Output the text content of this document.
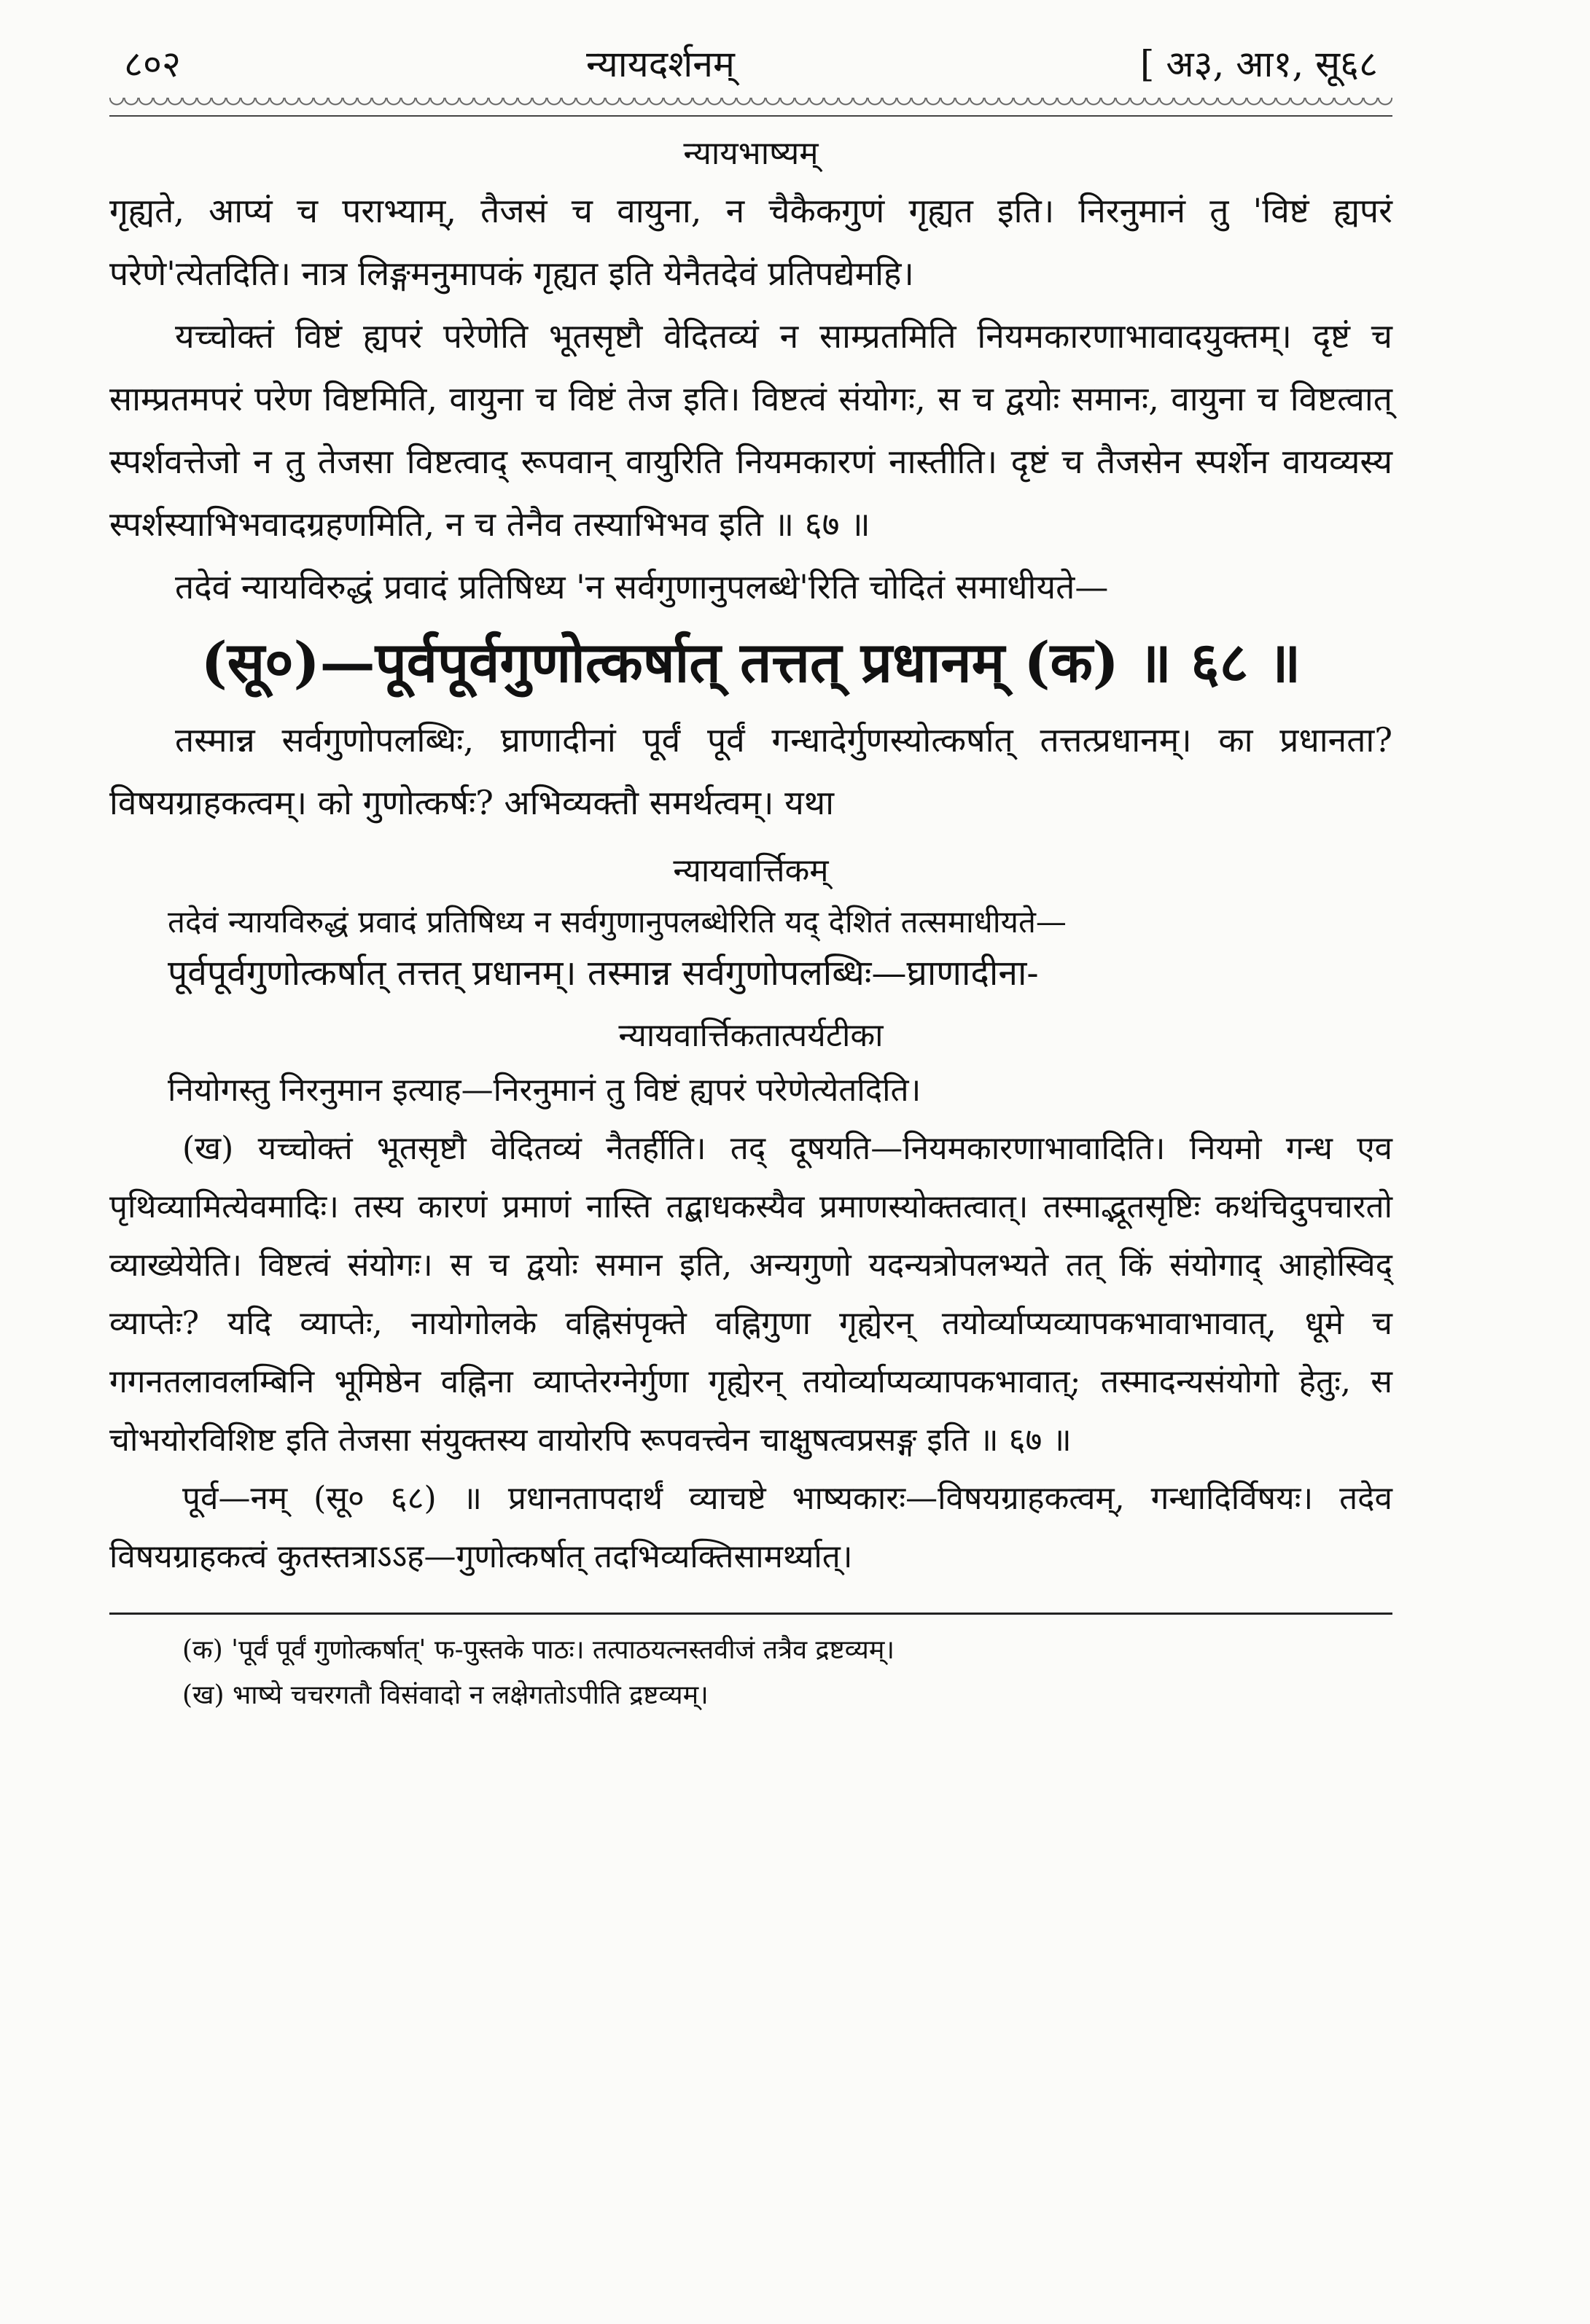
८०२	न्यायदर्शनम्	[ अ३, आ१, सू६८
न्यायभाष्यम्

गृह्यते, आप्यं च पराभ्याम्, तैजसं च वायुना, न चैकैकगुणं गृह्यत इति। निरनुमानं तु 'विष्टं ह्यपरं परेणे'त्येतदिति। नात्र लिङ्गमनुमापकं गृह्यत इति येनैतदेवं प्रतिपद्येमहि।

यच्चोक्तं विष्टं ह्यपरं परेणेति भूतसृष्टौ वेदितव्यं न साम्प्रतमिति नियमकारणाभावादयुक्तम्। दृष्टं च साम्प्रतमपरं परेण विष्टमिति, वायुना च विष्टं तेज इति। विष्टत्वं संयोगः, स च द्वयोः समानः, वायुना च विष्टत्वात् स्पर्शवत्तेजो न तु तेजसा विष्टत्वाद् रूपवान् वायुरिति नियमकारणं नास्तीति। दृष्टं च तैजसेन स्पर्शेन वायव्यस्य स्पर्शस्याभिभवादग्रहणमिति, न च तेनैव तस्याभिभव इति ॥ ६७ ॥

तदेवं न्यायविरुद्धं प्रवादं प्रतिषिध्य 'न सर्वगुणानुपलब्धे'रिति चोदितं समाधीयते—

(सू०)—पूर्वपूर्वगुणोत्कर्षात् तत्तत् प्रधानम् (क) ॥ ६८ ॥

तस्मान्न सर्वगुणोपलब्धिः, घ्राणादीनां पूर्वं पूर्वं गन्धादेर्गुणस्योत्कर्षात् तत्तत्प्रधानम्। का प्रधानता? विषयग्राहकत्वम्। को गुणोत्कर्षः? अभिव्यक्तौ समर्थत्वम्। यथा

न्यायवार्त्तिकम्

तदेवं न्यायविरुद्धं प्रवादं प्रतिषिध्य न सर्वगुणानुपलब्धेरिति यद् देशितं तत्समाधीयते—

पूर्वपूर्वगुणोत्कर्षात् तत्तत् प्रधानम्। तस्मान्न सर्वगुणोपलब्धिः—घ्राणादीना-

न्यायवार्त्तिकतात्पर्यटीका

नियोगस्तु निरनुमान इत्याह—निरनुमानं तु विष्टं ह्यपरं परेणेत्येतदिति।

(ख) यच्चोक्तं भूतसृष्टौ वेदितव्यं नैतर्हीति। तद् दूषयति—नियमकारणाभावादिति। नियमो गन्ध एव पृथिव्यामित्येवमादिः। तस्य कारणं प्रमाणं नास्ति तद्बाधकस्यैव प्रमाणस्योक्तत्वात्। तस्माद्भूतसृष्टिः कथंचिदुपचारतो व्याख्येयेति। विष्टत्वं संयोगः। स च द्वयोः समान इति, अन्यगुणो यदन्यत्रोपलभ्यते तत् किं संयोगाद् आहोस्विद् व्याप्तेः? यदि व्याप्तेः, नायोगोलके वह्निसंपृक्ते वह्निगुणा गृह्येरन् तयोर्व्याप्यव्यापकभावाभावात्, धूमे च गगनतलावलम्बिनि भूमिष्ठेन वह्निना व्याप्तेरग्नेर्गुणा गृह्येरन् तयोर्व्याप्यव्यापकभावात्; तस्मादन्यसंयोगो हेतुः, स चोभयोरविशिष्ट इति तेजसा संयुक्तस्य वायोरपि रूपवत्त्वेन चाक्षुषत्वप्रसङ्ग इति ॥ ६७ ॥

पूर्व—नम् (सू० ६८) ॥ प्रधानतापदार्थं व्याचष्टे भाष्यकारः—विषयग्राहकत्वम्, गन्धादिर्विषयः। तदेव विषयग्राहकत्वं कुतस्तत्राऽऽह—गुणोत्कर्षात् तदभिव्यक्तिसामर्थ्यात्।

(क) 'पूर्वं पूर्वं गुणोत्कर्षात्' फ-पुस्तके पाठः। तत्पाठयत्नस्तवीजं तत्रैव द्रष्टव्यम्।

(ख) भाष्ये चचरगतौ विसंवादो न लक्षेगतोऽपीति द्रष्टव्यम्।
